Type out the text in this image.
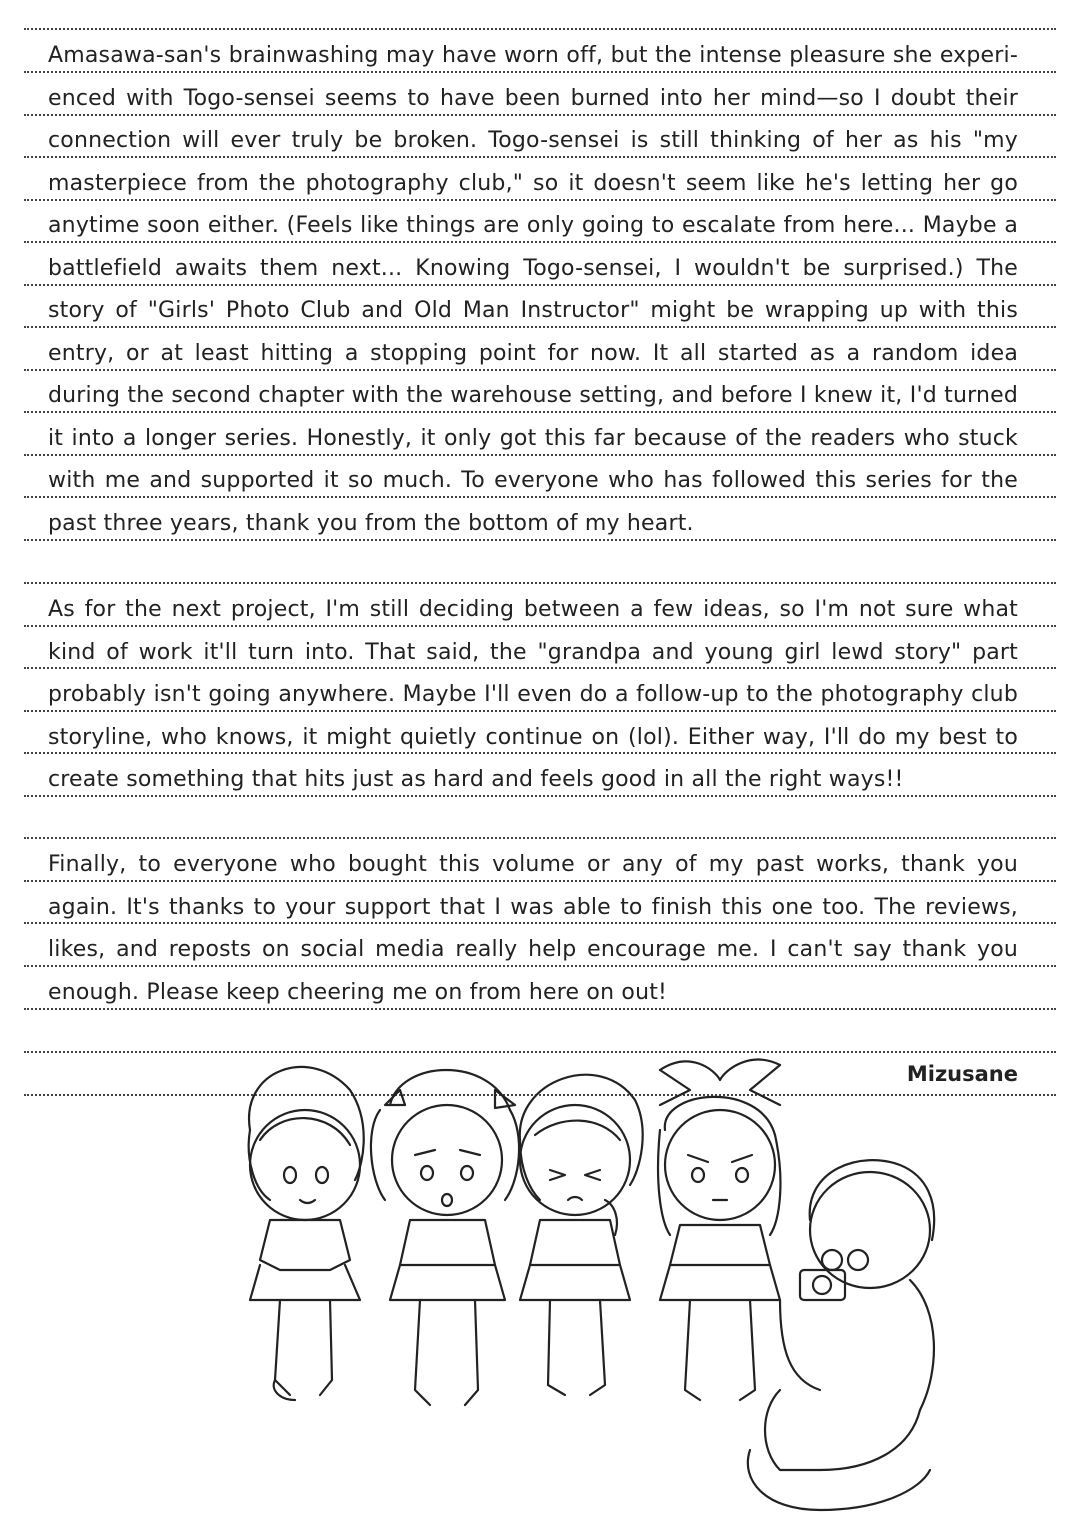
Amasawa-san's brainwashing may have worn off, but the intense pleasure she experi-
enced with Togo-sensei seems to have been burned into her mind—so I doubt their
connection will ever truly be broken. Togo-sensei is still thinking of her as his "my
masterpiece from the photography club," so it doesn't seem like he's letting her go
anytime soon either. (Feels like things are only going to escalate from here... Maybe a
battlefield awaits them next... Knowing Togo-sensei, I wouldn't be surprised.) The
story of "Girls' Photo Club and Old Man Instructor" might be wrapping up with this
entry, or at least hitting a stopping point for now. It all started as a random idea
during the second chapter with the warehouse setting, and before I knew it, I'd turned
it into a longer series. Honestly, it only got this far because of the readers who stuck
with me and supported it so much. To everyone who has followed this series for the
past three years, thank you from the bottom of my heart.
As for the next project, I'm still deciding between a few ideas, so I'm not sure what
kind of work it'll turn into. That said, the "grandpa and young girl lewd story" part
probably isn't going anywhere. Maybe I'll even do a follow-up to the photography club
storyline, who knows, it might quietly continue on (lol). Either way, I'll do my best to
create something that hits just as hard and feels good in all the right ways!!
Finally, to everyone who bought this volume or any of my past works, thank you
again. It's thanks to your support that I was able to finish this one too. The reviews,
likes, and reposts on social media really help encourage me. I can't say thank you
enough. Please keep cheering me on from here on out!
Mizusane
